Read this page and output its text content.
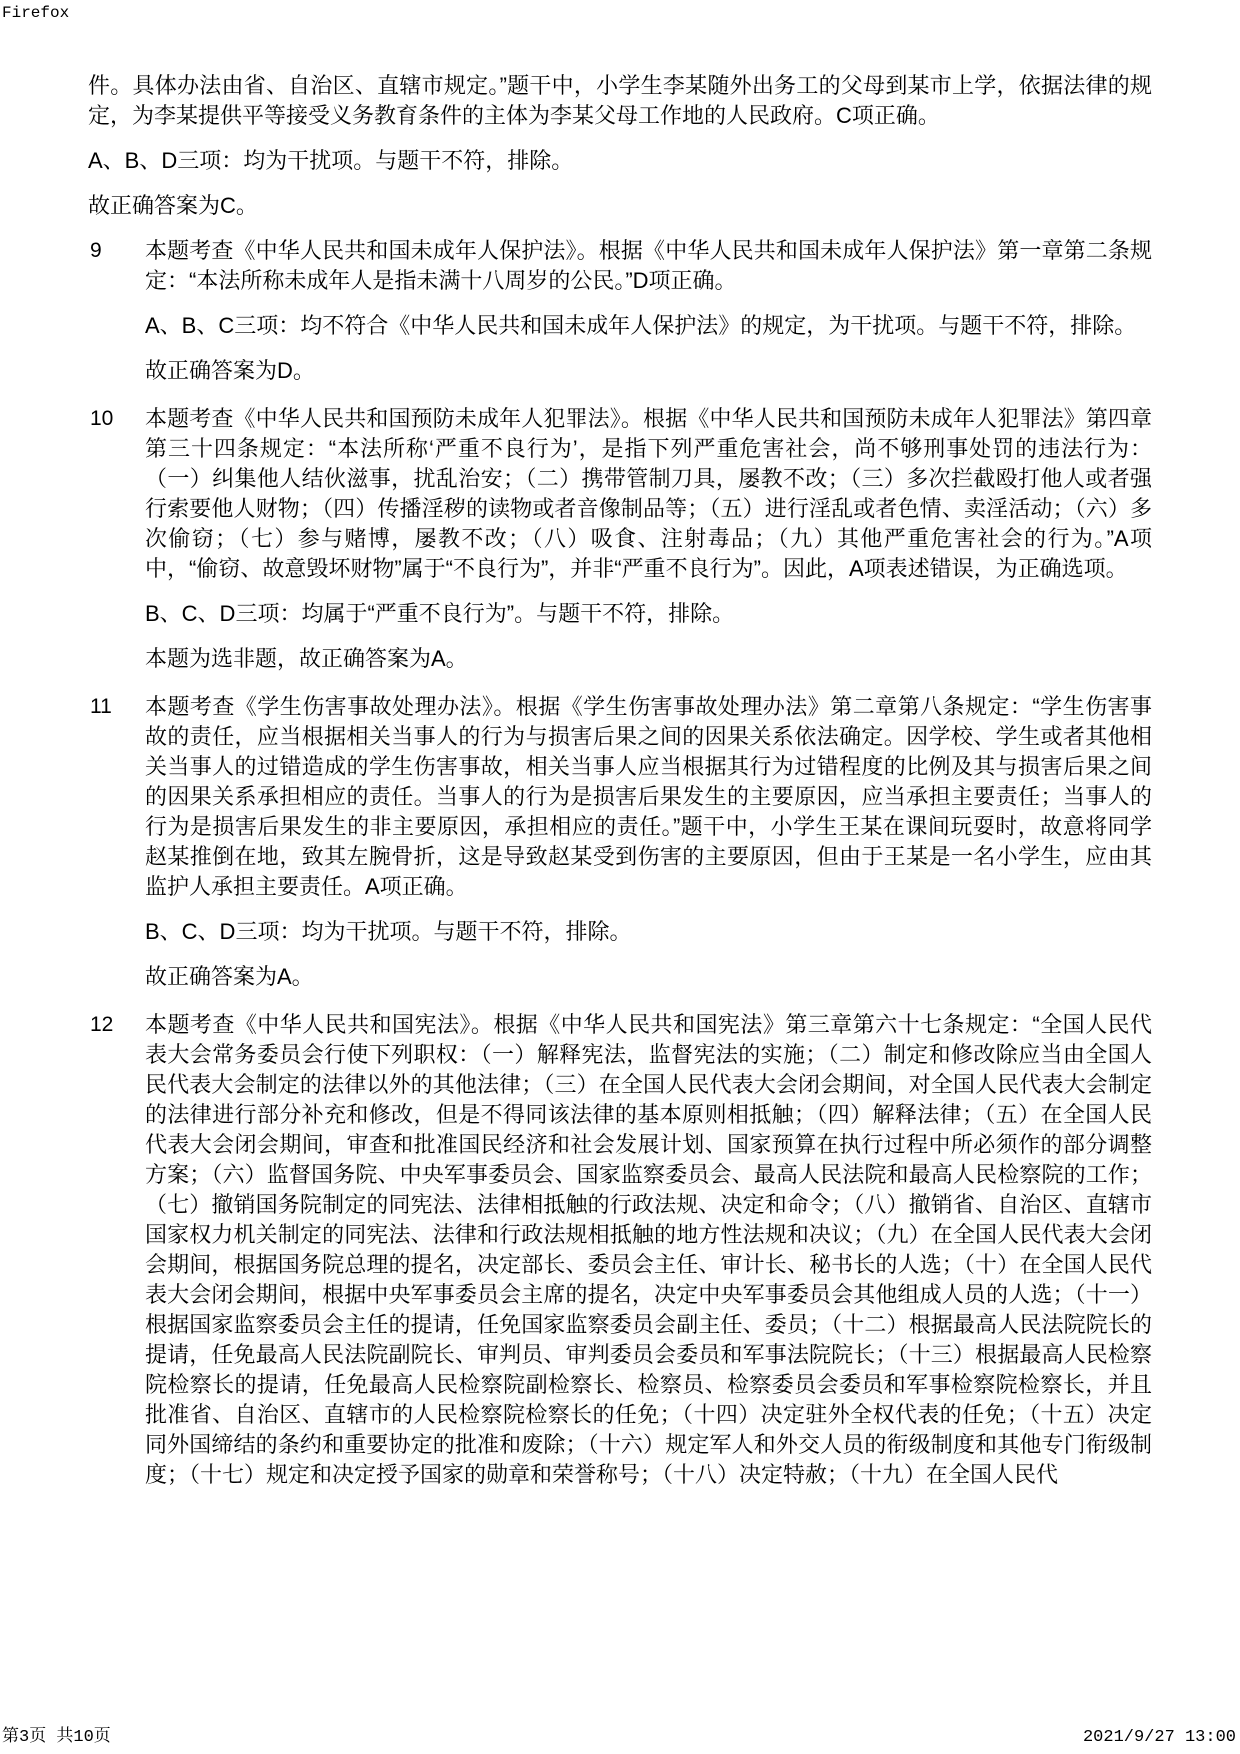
Firefox

件。具体办法由省、自治区、直辖市规定。”题干中，小学生李某随外出务工的父母到某市上学，依据法律的规定，为李某提供平等接受义务教育条件的主体为李某父母工作地的人民政府。C项正确。

A、B、D三项：均为干扰项。与题干不符，排除。

故正确答案为C。

9	本题考查《中华人民共和国未成年人保护法》。根据《中华人民共和国未成年人保护法》第一章第二条规定：“本法所称未成年人是指未满十八周岁的公民。”D项正确。

A、B、C三项：均不符合《中华人民共和国未成年人保护法》的规定，为干扰项。与题干不符，排除。

故正确答案为D。

10	本题考查《中华人民共和国预防未成年人犯罪法》。根据《中华人民共和国预防未成年人犯罪法》第四章第三十四条规定：“本法所称‘严重不良行为’，是指下列严重危害社会，尚不够刑事处罚的违法行为：（一）纠集他人结伙滋事，扰乱治安；（二）携带管制刀具，屡教不改；（三）多次拦截殴打他人或者强行索要他人财物；（四）传播淫秽的读物或者音像制品等；（五）进行淫乱或者色情、卖淫活动；（六）多次偷窃；（七）参与赌博，屡教不改；（八）吸食、注射毒品；（九）其他严重危害社会的行为。”A项中，“偷窃、故意毁坏财物”属于“不良行为”，并非“严重不良行为”。因此，A项表述错误，为正确选项。

B、C、D三项：均属于“严重不良行为”。与题干不符，排除。

本题为选非题，故正确答案为A。

11	本题考查《学生伤害事故处理办法》。根据《学生伤害事故处理办法》第二章第八条规定：“学生伤害事故的责任，应当根据相关当事人的行为与损害后果之间的因果关系依法确定。因学校、学生或者其他相关当事人的过错造成的学生伤害事故，相关当事人应当根据其行为过错程度的比例及其与损害后果之间的因果关系承担相应的责任。当事人的行为是损害后果发生的主要原因，应当承担主要责任；当事人的行为是损害后果发生的非主要原因，承担相应的责任。”题干中，小学生王某在课间玩耍时，故意将同学赵某推倒在地，致其左腕骨折，这是导致赵某受到伤害的主要原因，但由于王某是一名小学生，应由其监护人承担主要责任。A项正确。

B、C、D三项：均为干扰项。与题干不符，排除。

故正确答案为A。

12	本题考查《中华人民共和国宪法》。根据《中华人民共和国宪法》第三章第六十七条规定：“全国人民代表大会常务委员会行使下列职权：（一）解释宪法，监督宪法的实施；（二）制定和修改除应当由全国人民代表大会制定的法律以外的其他法律；（三）在全国人民代表大会闭会期间，对全国人民代表大会制定的法律进行部分补充和修改，但是不得同该法律的基本原则相抵触；（四）解释法律；（五）在全国人民代表大会闭会期间，审查和批准国民经济和社会发展计划、国家预算在执行过程中所必须作的部分调整方案；（六）监督国务院、中央军事委员会、国家监察委员会、最高人民法院和最高人民检察院的工作；（七）撤销国务院制定的同宪法、法律相抵触的行政法规、决定和命令；（八）撤销省、自治区、直辖市国家权力机关制定的同宪法、法律和行政法规相抵触的地方性法规和决议；（九）在全国人民代表大会闭会期间，根据国务院总理的提名，决定部长、委员会主任、审计长、秘书长的人选；（十）在全国人民代表大会闭会期间，根据中央军事委员会主席的提名，决定中央军事委员会其他组成人员的人选；（十一）根据国家监察委员会主任的提请，任免国家监察委员会副主任、委员；（十二）根据最高人民法院院长的提请，任免最高人民法院副院长、审判员、审判委员会委员和军事法院院长；（十三）根据最高人民检察院检察长的提请，任免最高人民检察院副检察长、检察员、检察委员会委员和军事检察院检察长，并且批准省、自治区、直辖市的人民检察院检察长的任免；（十四）决定驻外全权代表的任免；（十五）决定同外国缔结的条约和重要协定的批准和废除；（十六）规定军人和外交人员的衔级制度和其他专门衔级制度；（十七）规定和决定授予国家的勋章和荣誉称号；（十八）决定特赦；（十九）在全国人民代

第3页 共10页	2021/9/27 13:00
